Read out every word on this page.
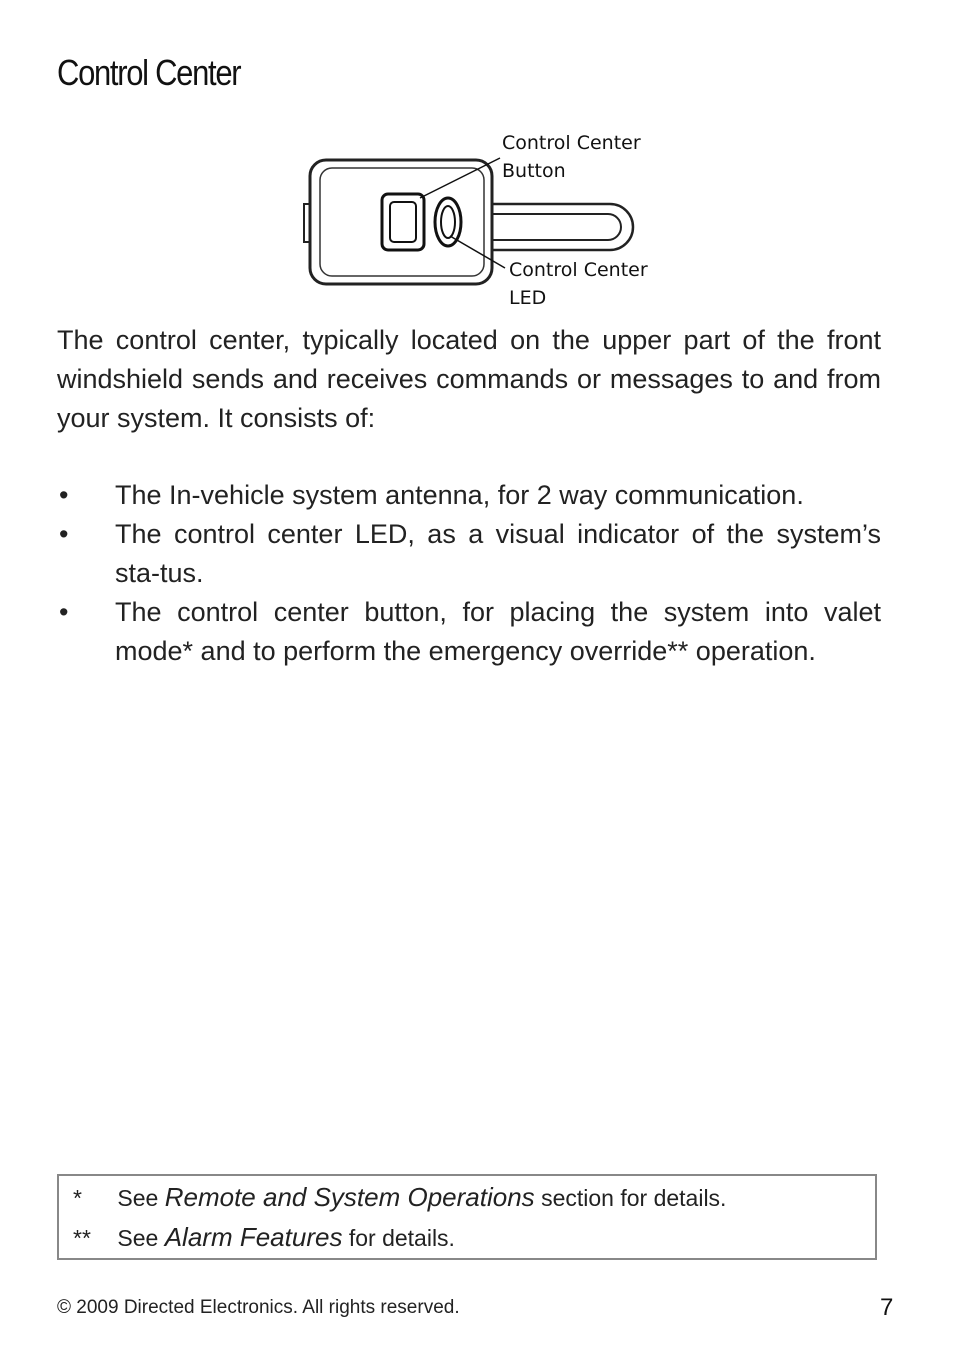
Control Center
Control Center
Button
Control Center
LED

The control center, typically located on the upper part of the front windshield sends and receives commands or messages to and from your system. It consists of:

• The In-vehicle system antenna, for 2 way communication.
• The control center LED, as a visual indicator of the system’s sta-tus.
• The control center button, for placing the system into valet mode* and to perform the emergency override** operation.
* See Remote and System Operations section for details.
** See Alarm Features for details.
© 2009 Directed Electronics. All rights reserved.	7
